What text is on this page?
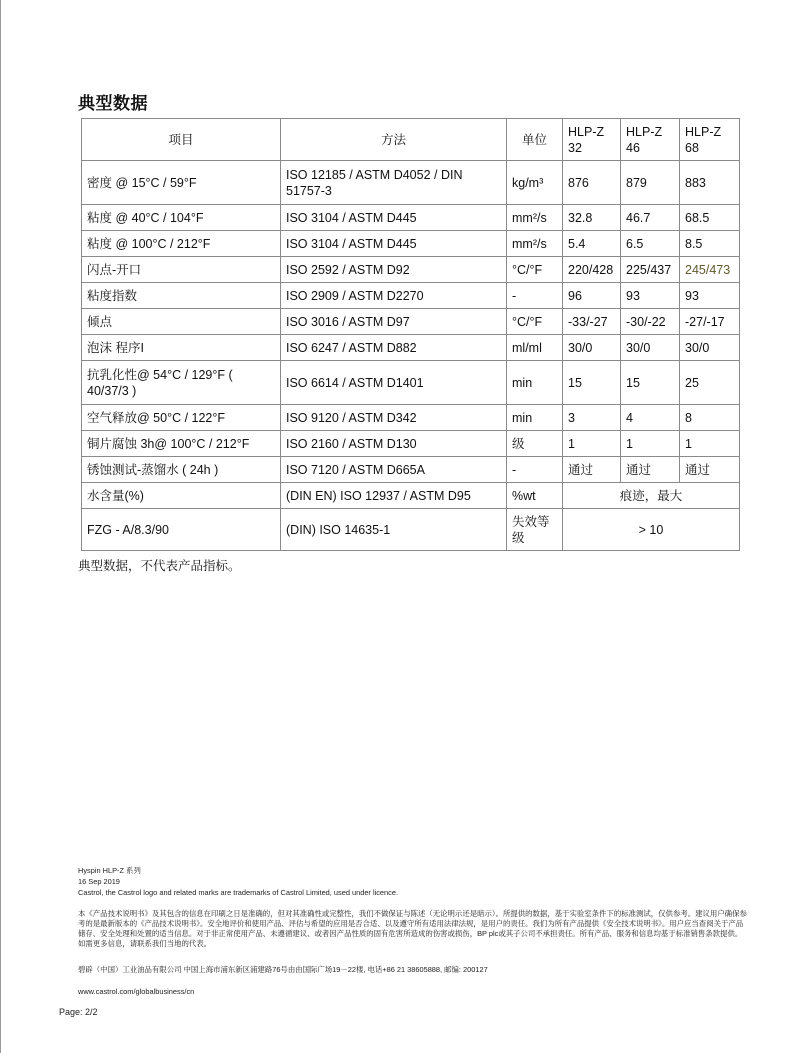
典型数据
项目	方法	单位	HLP-Z 32	HLP-Z 46	HLP-Z 68
密度 @ 15°C / 59°F	ISO 12185 / ASTM D4052 / DIN 51757-3	kg/m³	876	879	883
粘度 @ 40°C / 104°F	ISO 3104 / ASTM D445	mm²/s	32.8	46.7	68.5
粘度 @ 100°C / 212°F	ISO 3104 / ASTM D445	mm²/s	5.4	6.5	8.5
闪点-开口	ISO 2592 / ASTM D92	°C/°F	220/428	225/437	245/473
粘度指数	ISO 2909 / ASTM D2270	-	96	93	93
倾点	ISO 3016 / ASTM D97	°C/°F	-33/-27	-30/-22	-27/-17
泡沫 程序I	ISO 6247 / ASTM D882	ml/ml	30/0	30/0	30/0
抗乳化性@ 54°C / 129°F ( 40/37/3 )	ISO 6614 / ASTM D1401	min	15	15	25
空气释放@ 50°C / 122°F	ISO 9120 / ASTM D342	min	3	4	8
铜片腐蚀 3h@ 100°C / 212°F	ISO 2160 / ASTM D130	级	1	1	1
锈蚀测试-蒸馏水 ( 24h )	ISO 7120 / ASTM D665A	-	通过	通过	通过
水含量(%)	(DIN EN) ISO 12937 / ASTM D95	%wt	痕迹，最大		
FZG - A/8.3/90	(DIN) ISO 14635-1	失效等级	> 10		
典型数据，不代表产品指标。
Hyspin HLP-Z 系列
16 Sep 2019
Castrol, the Castrol logo and related marks are trademarks of Castrol Limited, used under licence.
本《产品技术说明书》及其包含的信息在印刷之日是准确的，但对其准确性或完整性，我们不做保证与陈述（无论明示还是暗示）。所提供的数据，基于实验室条件下的标准测试，仅供参考。建议用户确保参考的是最新版本的《产品技术说明书》。安全地评价和使用产品、评估与希望的应用是否合适、以及遵守所有适用法律法规，是用户的责任。我们为所有产品提供《安全技术说明书》。用户应当查阅关于产品储存、安全处理和处置的适当信息。对于非正常使用产品、未遵循建议、或者因产品性质的固有危害所造成的伤害或损伤，BP plc或其子公司不承担责任。所有产品、服务和信息均基于标准销售条款提供。如需更多信息，请联系我们当地的代表。
碧辟（中国）工业油品有限公司 中国上海市浦东新区浦建路76号由由国际广场19－22楼, 电话+86 21 38605888, 邮编: 200127
www.castrol.com/globalbusiness/cn
Page: 2/2
